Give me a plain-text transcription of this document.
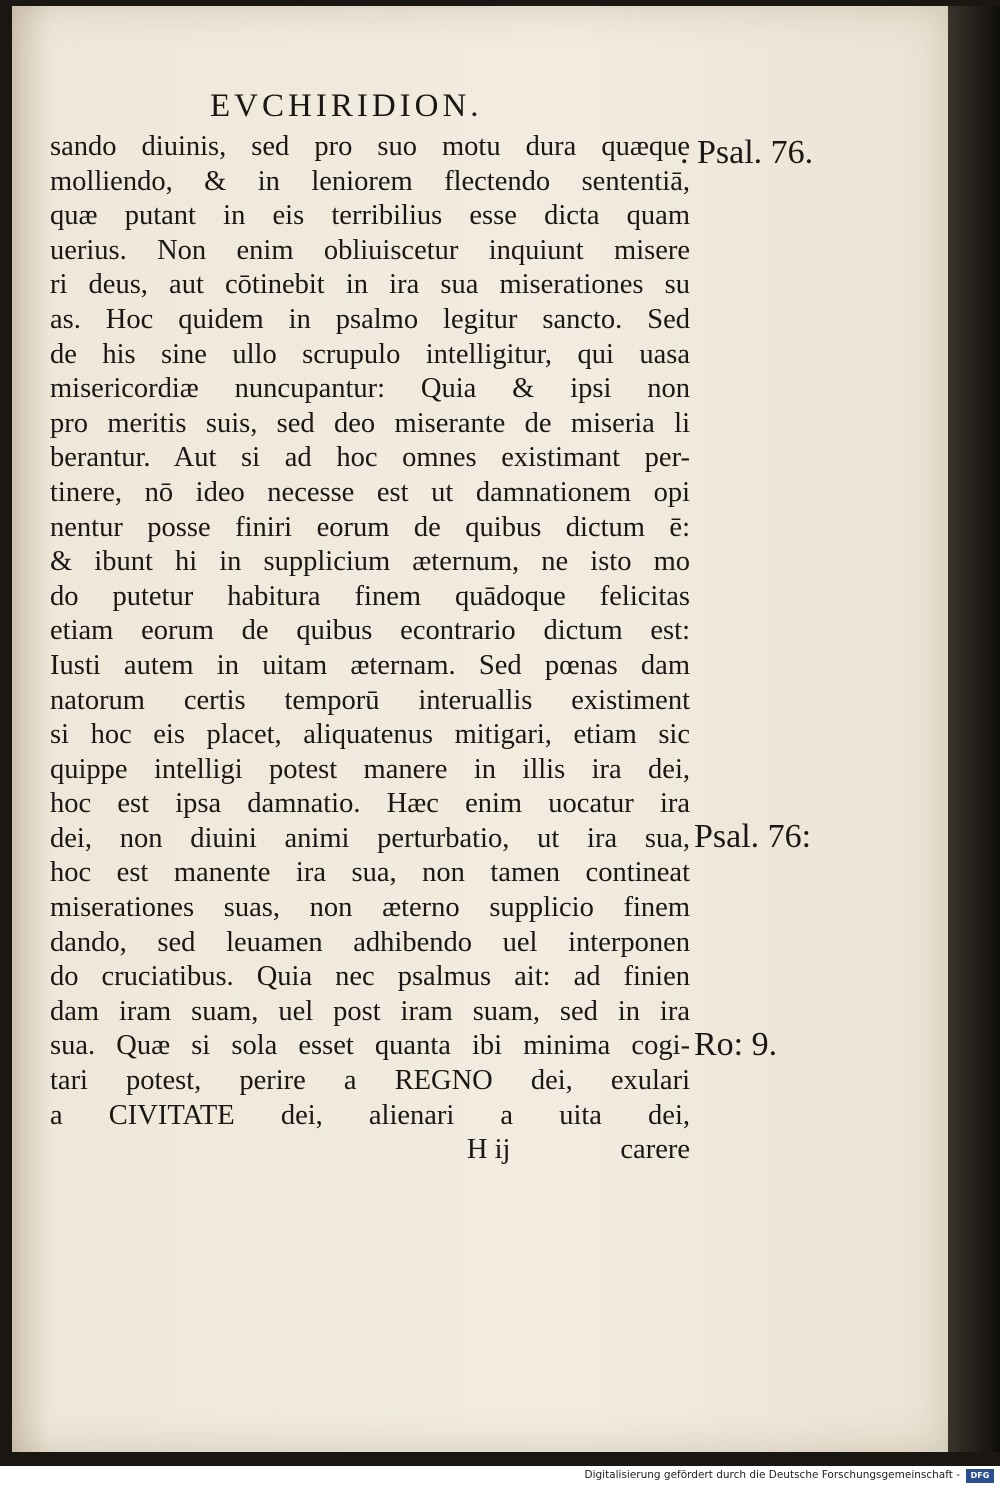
EVCHIRIDION.
sando diuinis, sed pro suo motu dura quæque
molliendo, & in leniorem flectendo sententiā,
quæ putant in eis terribilius esse dicta quam
uerius. Non enim obliuiscetur inquiunt misere
ri deus, aut cōtinebit in ira sua miserationes su
as. Hoc quidem in psalmo legitur sancto. Sed
de his sine ullo scrupulo intelligitur, qui uasa
misericordiæ nuncupantur: Quia & ipsi non
pro meritis suis, sed deo miserante de miseria li
berantur. Aut si ad hoc omnes existimant per-
tinere, nō ideo necesse est ut damnationem opi
nentur posse finiri eorum de quibus dictum ē:
& ibunt hi in supplicium æternum, ne isto mo
do putetur habitura finem quādoque felicitas
etiam eorum de quibus econtrario dictum est:
Iusti autem in uitam æternam. Sed pœnas dam
natorum certis temporū interuallis existiment
si hoc eis placet, aliquatenus mitigari, etiam sic
quippe intelligi potest manere in illis ira dei,
hoc est ipsa damnatio. Hæc enim uocatur ira
dei, non diuini animi perturbatio, ut ira sua,
hoc est manente ira sua, non tamen contineat
miserationes suas, non æterno supplicio finem
dando, sed leuamen adhibendo uel interponen
do cruciatibus. Quia nec psalmus ait: ad finien
dam iram suam, uel post iram suam, sed in ira
sua. Quæ si sola esset quanta ibi minima cogi-
tari potest, perire a REGNO dei, exulari
a CIVITATE dei, alienari a uita dei,
H ij	carere
. Psal. 76.
Psal. 76:
Ro: 9.
Digitalisierung gefördert durch die Deutsche Forschungsgemeinschaft -	DFG
